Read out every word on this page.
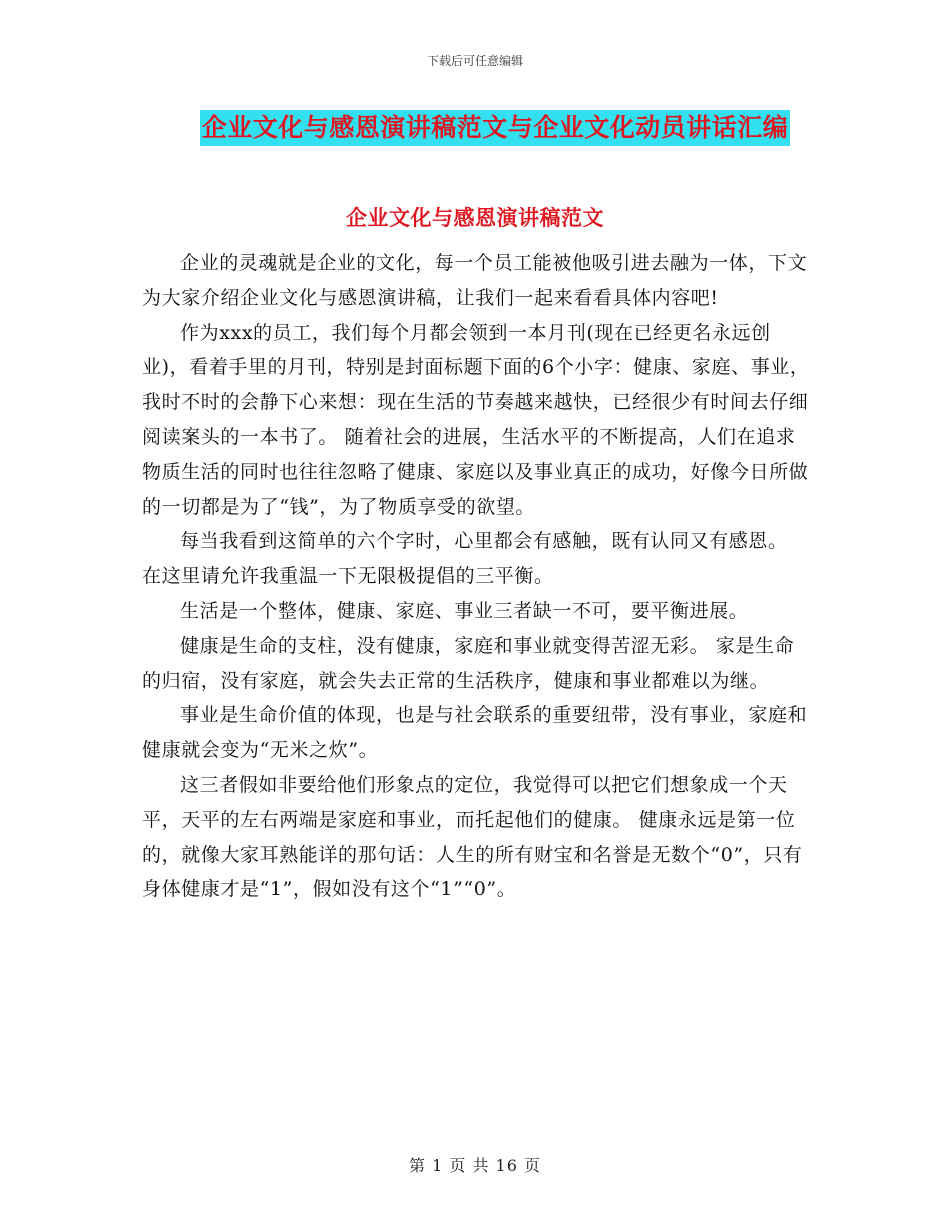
下载后可任意编辑
企业文化与感恩演讲稿范文与企业文化动员讲话汇编
企业文化与感恩演讲稿范文

企业的灵魂就是企业的文化，每一个员工能被他吸引进去融为一体，下文为大家介绍企业文化与感恩演讲稿，让我们一起来看看具体内容吧!

作为xxx的员工，我们每个月都会领到一本月刊(现在已经更名永远创业)，看着手里的月刊，特别是封面标题下面的6个小字：健康、家庭、事业，我时不时的会静下心来想：现在生活的节奏越来越快，已经很少有时间去仔细阅读案头的一本书了。 随着社会的进展，生活水平的不断提高，人们在追求物质生活的同时也往往忽略了健康、家庭以及事业真正的成功，好像今日所做的一切都是为了“钱”，为了物质享受的欲望。

每当我看到这简单的六个字时，心里都会有感触，既有认同又有感恩。 在这里请允许我重温一下无限极提倡的三平衡。

生活是一个整体，健康、家庭、事业三者缺一不可，要平衡进展。

健康是生命的支柱，没有健康，家庭和事业就变得苦涩无彩。 家是生命的归宿，没有家庭，就会失去正常的生活秩序，健康和事业都难以为继。

事业是生命价值的体现，也是与社会联系的重要纽带，没有事业，家庭和健康就会变为“无米之炊”。

这三者假如非要给他们形象点的定位，我觉得可以把它们想象成一个天平，天平的左右两端是家庭和事业，而托起他们的健康。 健康永远是第一位的，就像大家耳熟能详的那句话：人生的所有财宝和名誉是无数个“0”，只有身体健康才是“1”，假如没有这个“1”“0”。

第 1 页 共 16 页
